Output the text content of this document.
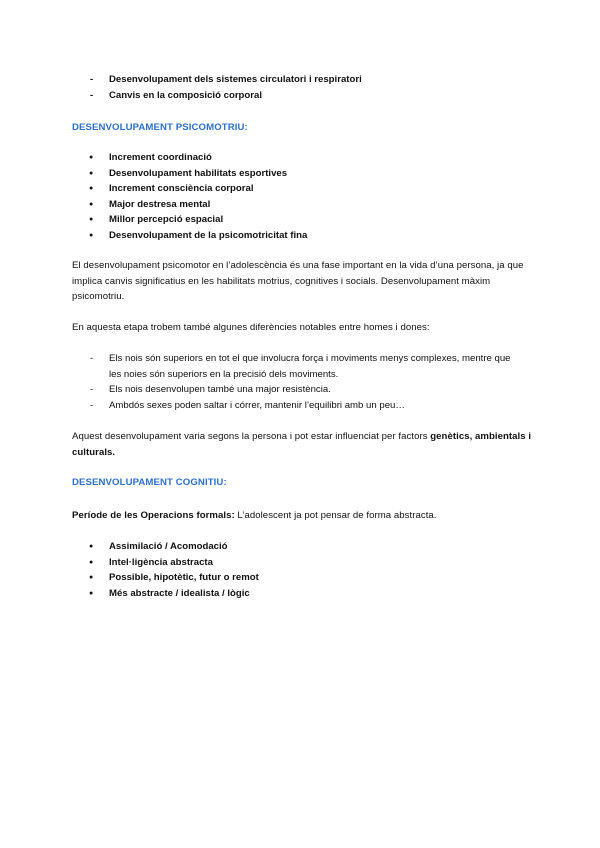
- Desenvolupament dels sistemes circulatori i respiratori
- Canvis en la composició corporal
DESENVOLUPAMENT PSICOMOTRIU:
● Increment coordinació
● Desenvolupament habilitats esportives
● Increment consciència corporal
● Major destresa mental
● Millor percepció espacial
● Desenvolupament de la psicomotricitat fina

El desenvolupament psicomotor en l’adolescència és una fase important en la vida d’una persona, ja que implica canvis significatius en les habilitats motrius, cognitives i socials. Desenvolupament màxim psicomotriu.

En aquesta etapa trobem també algunes diferències notables entre homes i dones:

- Els nois són superiors en tot el que involucra força i moviments menys complexes, mentre que les noies són superiors en la precisió dels moviments.
- Els nois desenvolupen també una major resistència.
- Ambdós sexes poden saltar i córrer, mantenir l’equilibri amb un peu…

Aquest desenvolupament varia segons la persona i pot estar influenciat per factors genètics, ambientals i culturals.

DESENVOLUPAMENT COGNITIU:

Període de les Operacions formals: L’adolescent ja pot pensar de forma abstracta.

● Assimilació / Acomodació
● Intel·ligència abstracta
● Possible, hipotètic, futur o remot
● Més abstracte / idealista / lògic
